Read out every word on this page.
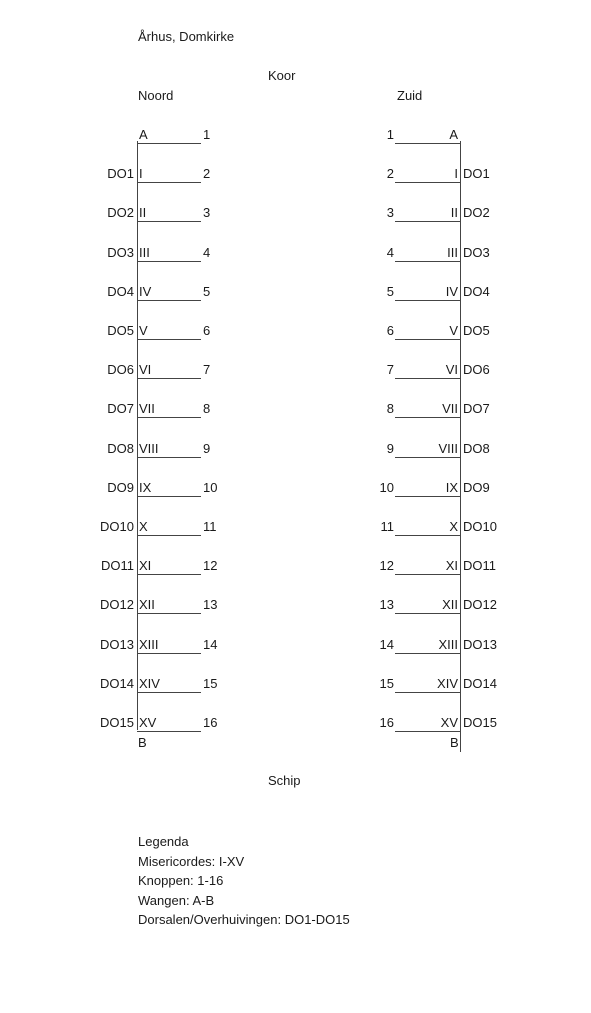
Århus, Domkirke
Koor
Noord	Zuid
A	1
DO1 I	2
DO2 II	3
DO3 III	4
DO4 IV	5
DO5 V	6
DO6 VI	7
DO7 VII	8
DO8 VIII	9
DO9 IX	10
DO10 X	11
DO11 XI	12
DO12 XII	13
DO13 XIII	14
DO14 XIV	15
DO15 XV	16
1	A
2	I DO1
3	II DO2
4	III DO3
5	IV DO4
6	V DO5
7	VI DO6
8	VII DO7
9	VIII DO8
10	IX DO9
11	X DO10
12	XI DO11
13	XII DO12
14	XIII DO13
15	XIV DO14
16	XV DO15
B	B
Schip
Legenda
Misericordes: I-XV
Knoppen: 1-16
Wangen: A-B
Dorsalen/Overhuivingen: DO1-DO15
